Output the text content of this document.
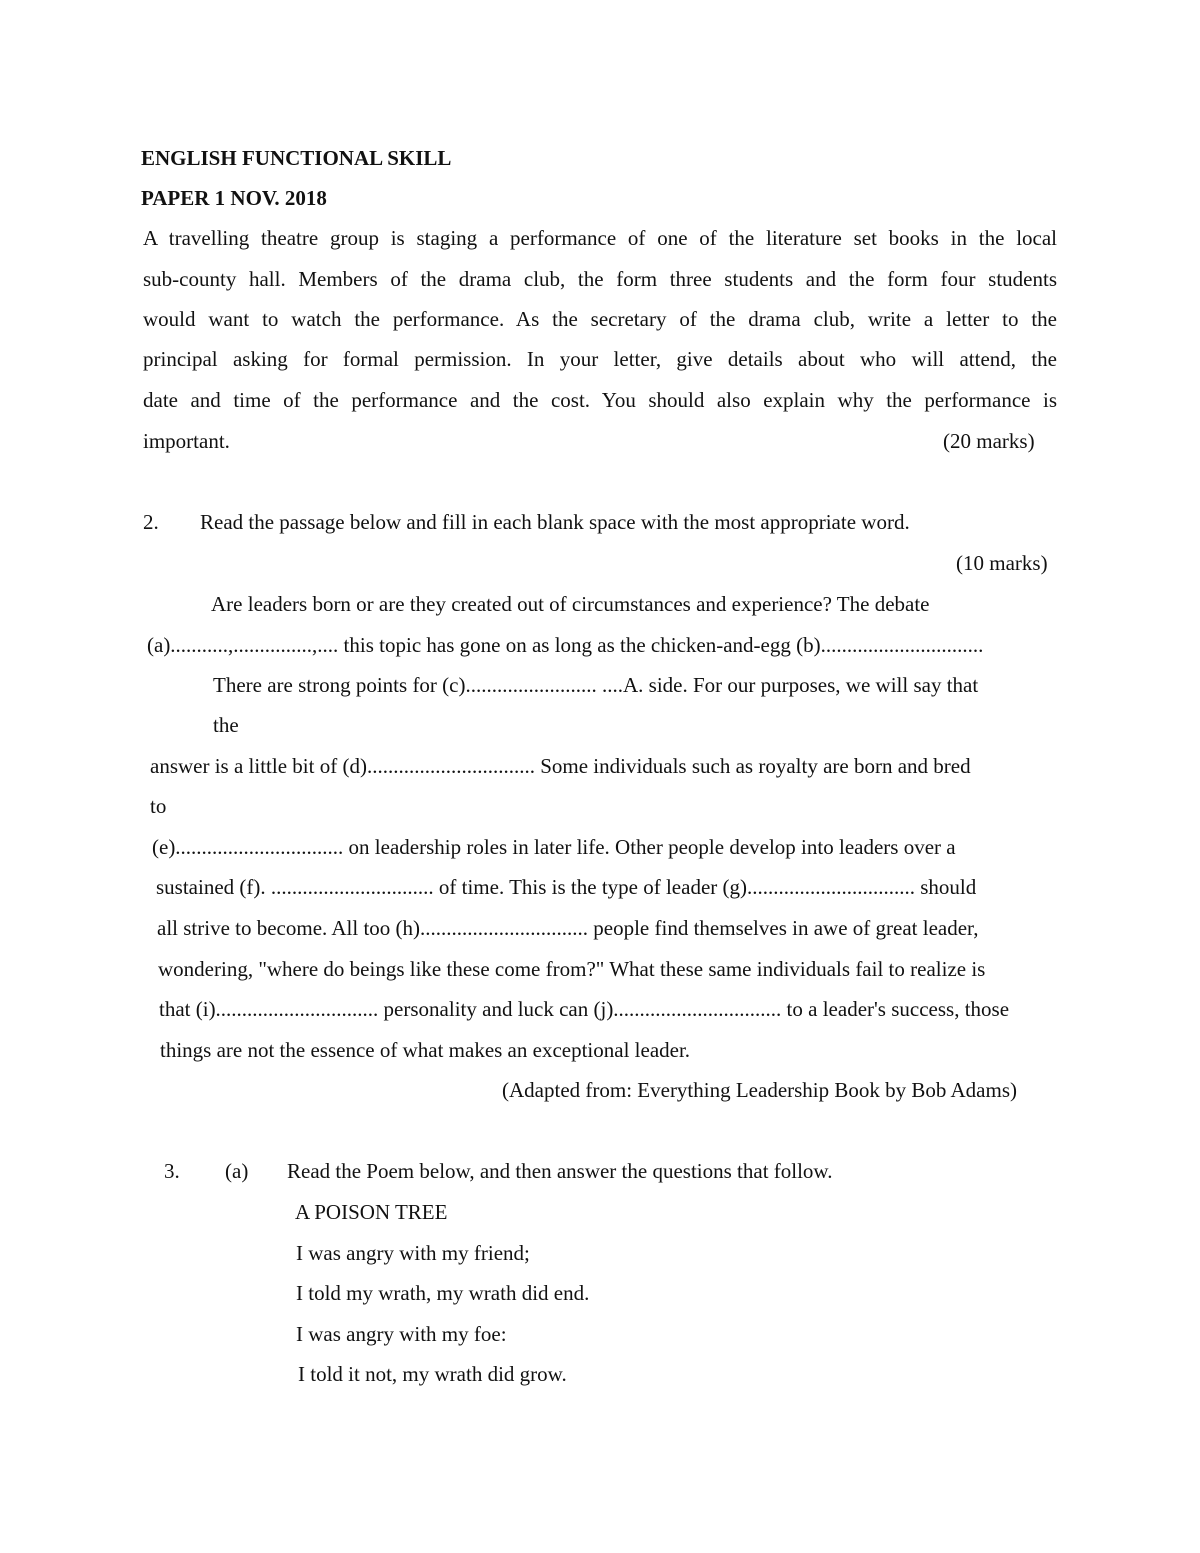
ENGLISH FUNCTIONAL SKILL
PAPER 1 NOV. 2018
A travelling theatre group is staging a performance of one of the literature set books in the local
sub-county hall. Members of the drama club, the form three students and the form four students
would want to watch the performance. As the secretary of the drama club, write a letter to the
principal asking for formal permission. In your letter, give details about who will attend, the
date and time of the performance and the cost. You should also explain why the performance is
important.	(20 marks)
2. Read the passage below and fill in each blank space with the most appropriate word.
(10 marks)
Are leaders born or are they created out of circumstances and experience? The debate
(a)...........,...............,.... this topic has gone on as long as the chicken-and-egg (b)...............................
There are strong points for (c)......................... ....A. side. For our purposes, we will say that
the
answer is a little bit of (d)................................ Some individuals such as royalty are born and bred
to
(e)................................ on leadership roles in later life. Other people develop into leaders over a
sustained (f). ............................... of time. This is the type of leader (g)................................ should
all strive to become. All too (h)................................ people find themselves in awe of great leader,
wondering, "where do beings like these come from?" What these same individuals fail to realize is
that (i)............................... personality and luck can (j)................................ to a leader's success, those
things are not the essence of what makes an exceptional leader.
(Adapted from: Everything Leadership Book by Bob Adams)
3. (a) Read the Poem below, and then answer the questions that follow.
A POISON TREE
I was angry with my friend;
I told my wrath, my wrath did end.
I was angry with my foe:
I told it not, my wrath did grow.
